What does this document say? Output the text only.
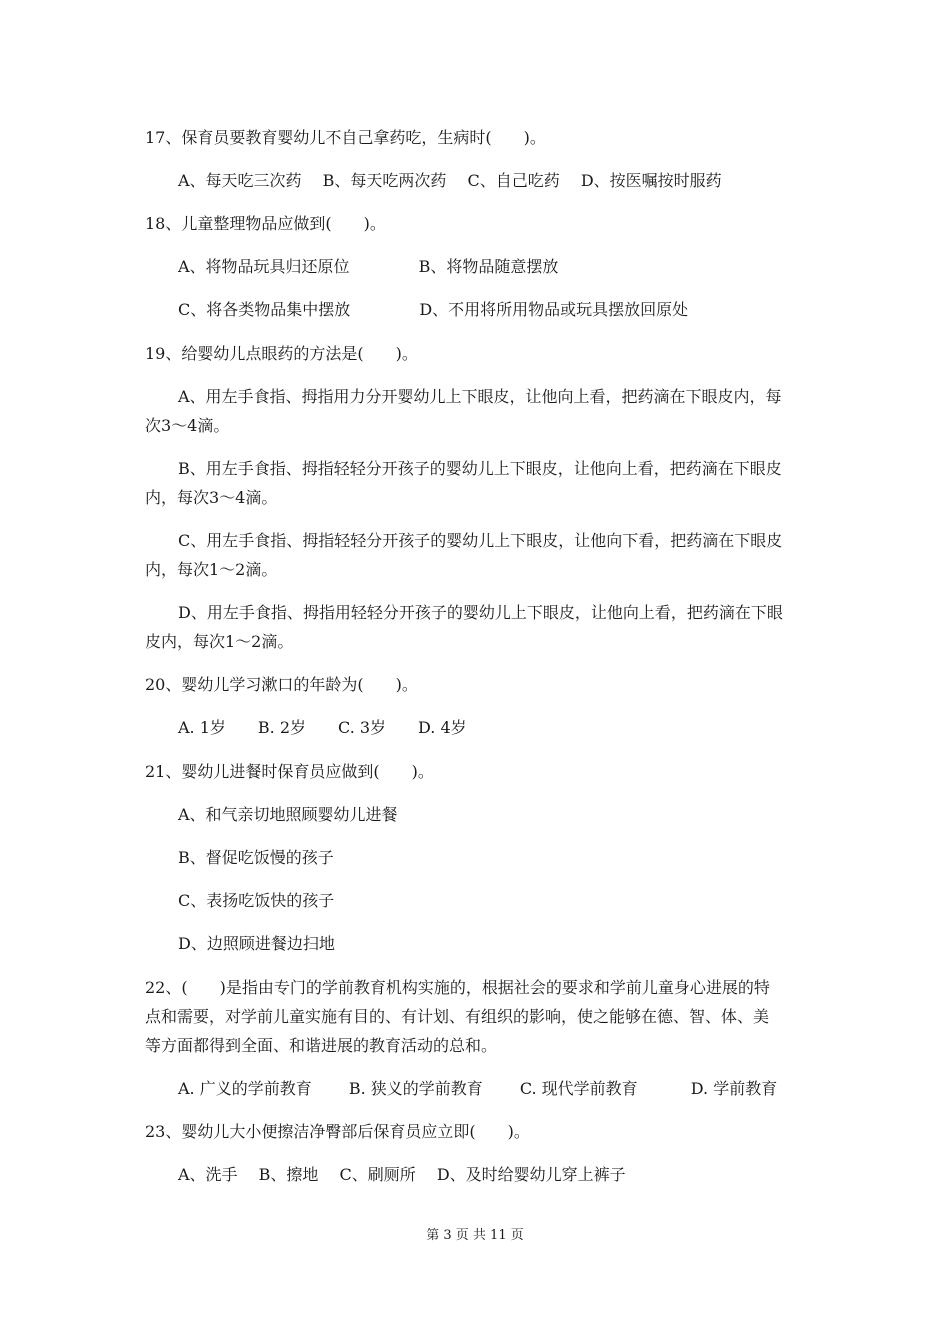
17、保育员要教育婴幼儿不自己拿药吃，生病时(　　)。
A、每天吃三次药　 B、每天吃两次药　 C、自己吃药　 D、按医嘱按时服药
18、儿童整理物品应做到(　　)。
A、将物品玩具归还原位　　　　 B、将物品随意摆放
C、将各类物品集中摆放　　　　 D、不用将所用物品或玩具摆放回原处
19、给婴幼儿点眼药的方法是(　　)。
A、用左手食指、拇指用力分开婴幼儿上下眼皮，让他向上看，把药滴在下眼皮内，每
次3～4滴。
B、用左手食指、拇指轻轻分开孩子的婴幼儿上下眼皮，让他向上看，把药滴在下眼皮
内，每次3～4滴。
C、用左手食指、拇指轻轻分开孩子的婴幼儿上下眼皮，让他向下看，把药滴在下眼皮
内，每次1～2滴。
D、用左手食指、拇指用轻轻分开孩子的婴幼儿上下眼皮，让他向上看，把药滴在下眼
皮内，每次1～2滴。
20、婴幼儿学习漱口的年龄为(　　)。
A. 1岁　　B. 2岁　　C. 3岁　　D. 4岁
21、婴幼儿进餐时保育员应做到(　　)。
A、和气亲切地照顾婴幼儿进餐
B、督促吃饭慢的孩子
C、表扬吃饭快的孩子
D、边照顾进餐边扫地
22、(　　)是指由专门的学前教育机构实施的，根据社会的要求和学前儿童身心进展的特
点和需要，对学前儿童实施有目的、有计划、有组织的影响，使之能够在德、智、体、美
等方面都得到全面、和谐进展的教育活动的总和。
A. 广义的学前教育　　 B. 狭义的学前教育　　 C. 现代学前教育　　　 D. 学前教育
23、婴幼儿大小便擦洁净臀部后保育员应立即(　　)。
A、洗手　 B、擦地　 C、刷厕所　 D、及时给婴幼儿穿上裤子
第 3 页 共 11 页
